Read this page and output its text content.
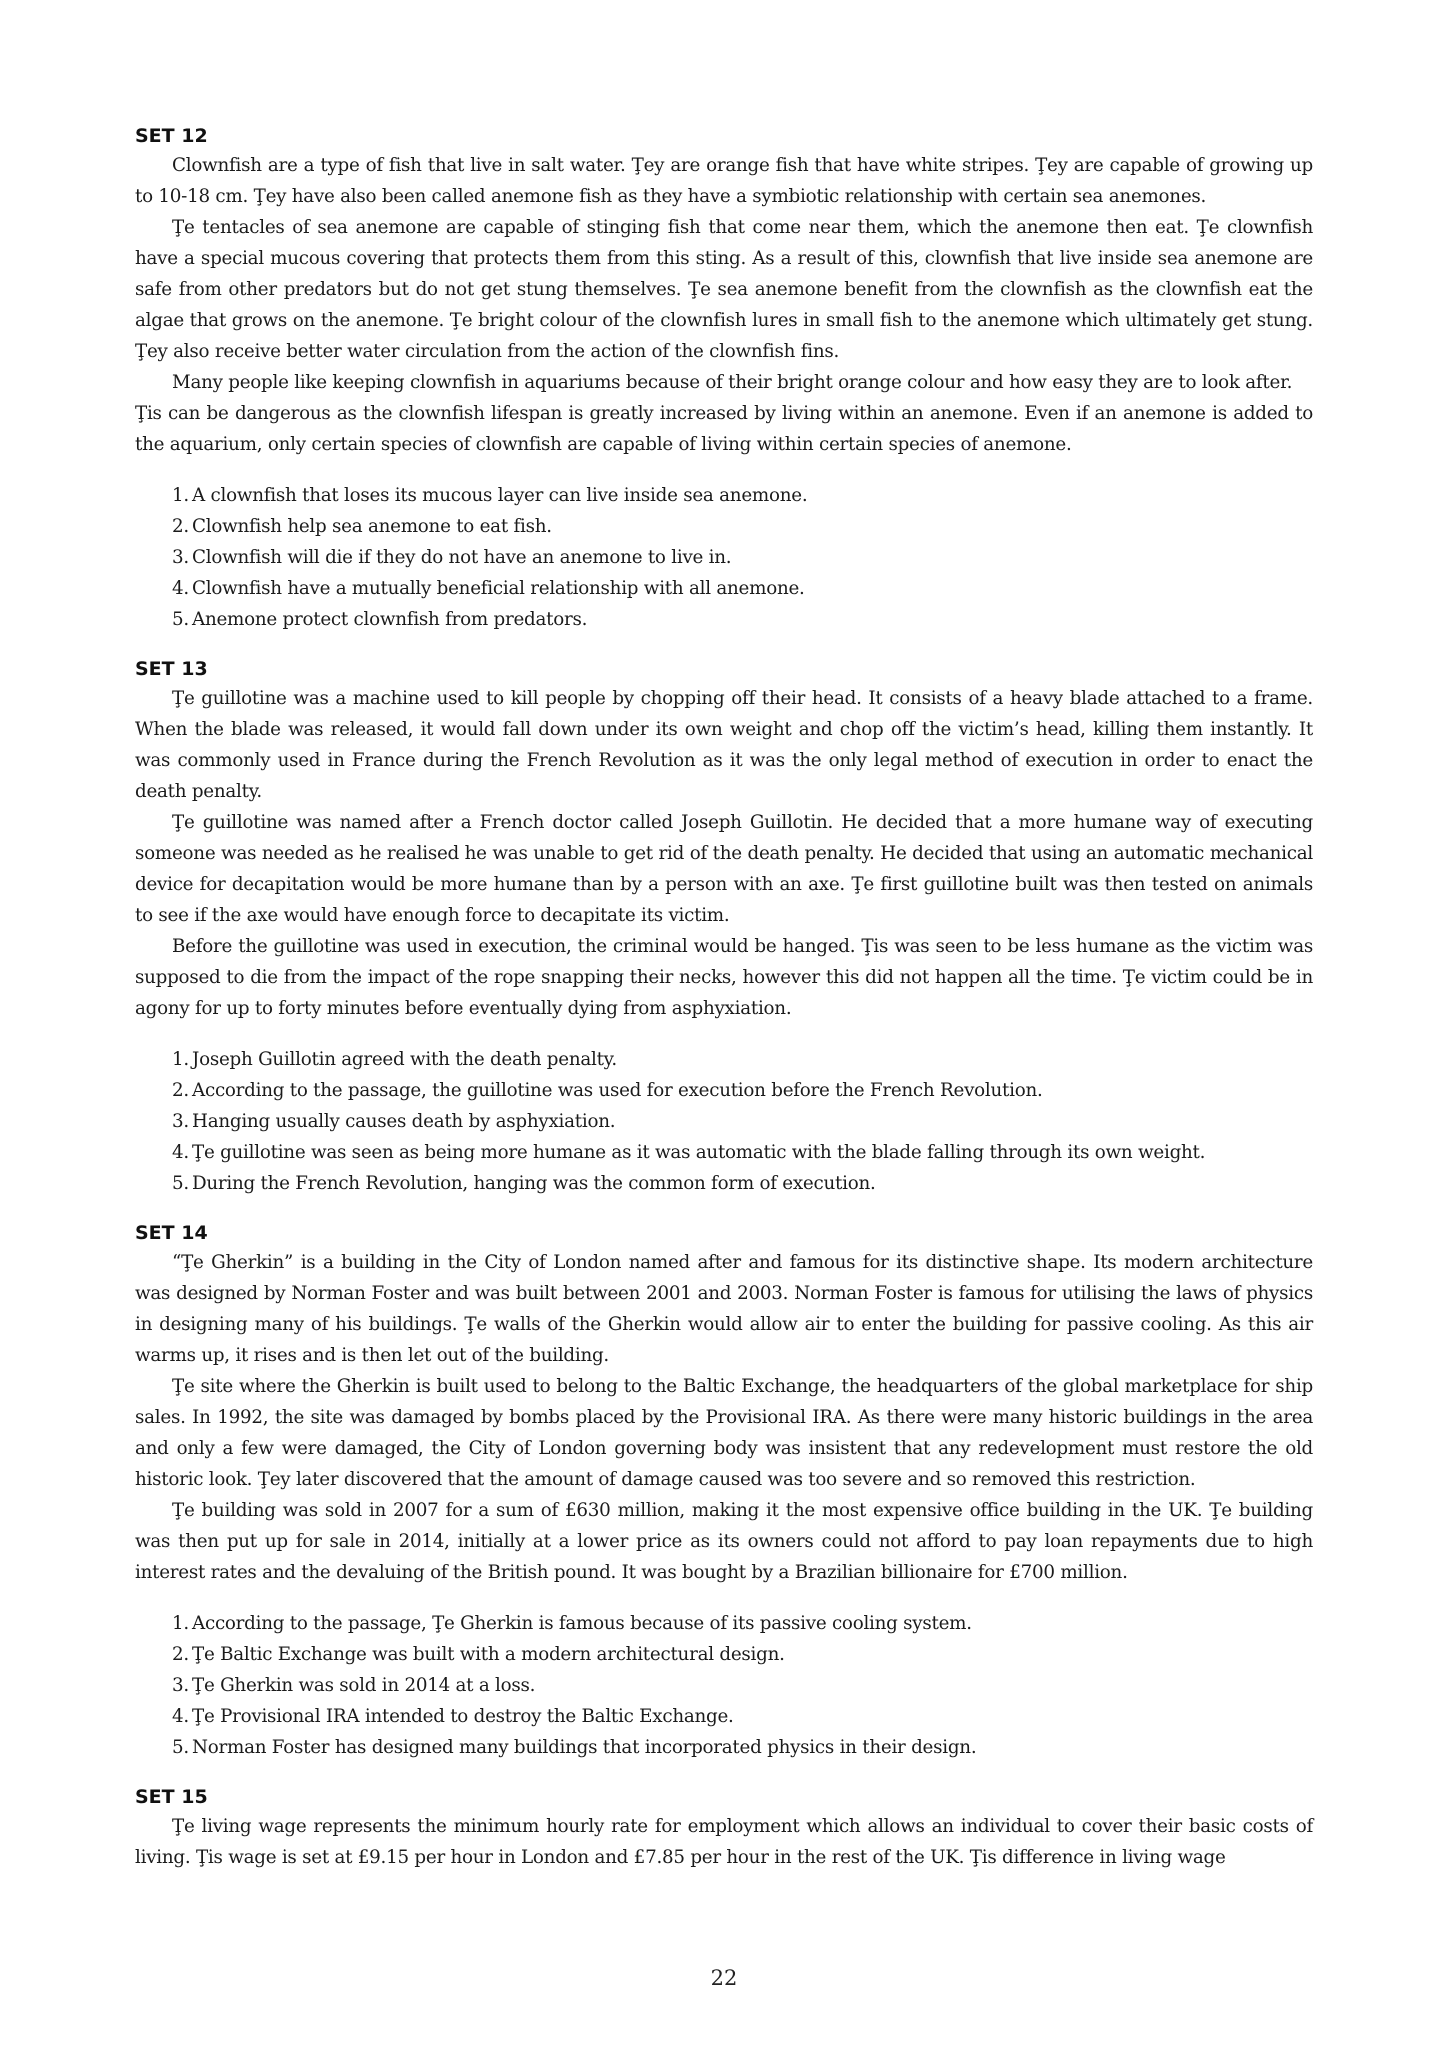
SET 12

Clownfish are a type of fish that live in salt water. Ţey are orange fish that have white stripes. Ţey are capable of growing up to 10-18 cm. Ţey have also been called anemone fish as they have a symbiotic relationship with certain sea anemones.

Ţe tentacles of sea anemone are capable of stinging fish that come near them, which the anemone then eat. Ţe clownfish have a special mucous covering that protects them from this sting. As a result of this, clownfish that live inside sea anemone are safe from other predators but do not get stung themselves. Ţe sea anemone benefit from the clownfish as the clownfish eat the algae that grows on the anemone. Ţe bright colour of the clownfish lures in small fish to the anemone which ultimately get stung. Ţey also receive better water circulation from the action of the clownfish fins.

Many people like keeping clownfish in aquariums because of their bright orange colour and how easy they are to look after.

Ţis can be dangerous as the clownfish lifespan is greatly increased by living within an anemone. Even if an anemone is added to the aquarium, only certain species of clownfish are capable of living within certain species of anemone.

1. A clownfish that loses its mucous layer can live inside sea anemone.
2. Clownfish help sea anemone to eat fish.
3. Clownfish will die if they do not have an anemone to live in.
4. Clownfish have a mutually beneficial relationship with all anemone.
5. Anemone protect clownfish from predators.
SET 13

Ţe guillotine was a machine used to kill people by chopping off their head. It consists of a heavy blade attached to a frame. When the blade was released, it would fall down under its own weight and chop off the victim’s head, killing them instantly. It was commonly used in France during the French Revolution as it was the only legal method of execution in order to enact the death penalty.

Ţe guillotine was named after a French doctor called Joseph Guillotin. He decided that a more humane way of executing someone was needed as he realised he was unable to get rid of the death penalty. He decided that using an automatic mechanical device for decapitation would be more humane than by a person with an axe. Ţe first guillotine built was then tested on animals to see if the axe would have enough force to decapitate its victim.

Before the guillotine was used in execution, the criminal would be hanged. Ţis was seen to be less humane as the victim was supposed to die from the impact of the rope snapping their necks, however this did not happen all the time. Ţe victim could be in agony for up to forty minutes before eventually dying from asphyxiation.

1. Joseph Guillotin agreed with the death penalty.
2. According to the passage, the guillotine was used for execution before the French Revolution.
3. Hanging usually causes death by asphyxiation.
4. Ţe guillotine was seen as being more humane as it was automatic with the blade falling through its own weight.
5. During the French Revolution, hanging was the common form of execution.
SET 14

“Ţe Gherkin” is a building in the City of London named after and famous for its distinctive shape. Its modern architecture was designed by Norman Foster and was built between 2001 and 2003. Norman Foster is famous for utilising the laws of physics in designing many of his buildings. Ţe walls of the Gherkin would allow air to enter the building for passive cooling. As this air warms up, it rises and is then let out of the building.

Ţe site where the Gherkin is built used to belong to the Baltic Exchange, the headquarters of the global marketplace for ship sales. In 1992, the site was damaged by bombs placed by the Provisional IRA. As there were many historic buildings in the area and only a few were damaged, the City of London governing body was insistent that any redevelopment must restore the old historic look. Ţey later discovered that the amount of damage caused was too severe and so removed this restriction.

Ţe building was sold in 2007 for a sum of £630 million, making it the most expensive office building in the UK. Ţe building was then put up for sale in 2014, initially at a lower price as its owners could not afford to pay loan repayments due to high interest rates and the devaluing of the British pound. It was bought by a Brazilian billionaire for £700 million.

1. According to the passage, Ţe Gherkin is famous because of its passive cooling system.
2. Ţe Baltic Exchange was built with a modern architectural design.
3. Ţe Gherkin was sold in 2014 at a loss.
4. Ţe Provisional IRA intended to destroy the Baltic Exchange.
5. Norman Foster has designed many buildings that incorporated physics in their design.
SET 15

Ţe living wage represents the minimum hourly rate for employment which allows an individual to cover their basic costs of living. Ţis wage is set at £9.15 per hour in London and £7.85 per hour in the rest of the UK. Ţis difference in living wage

22
